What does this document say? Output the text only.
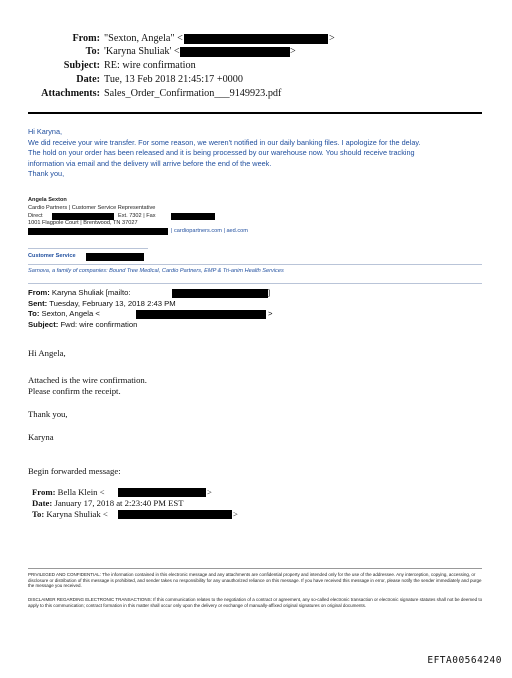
From: "Sexton, Angela" <
To: 'Karyna Shuliak' <
Subject: RE: wire confirmation
Date: Tue, 13 Feb 2018 21:45:17 +0000
Attachments: Sales_Order_Confirmation___9149923.pdf
>
>
Hi Karyna,
We did receive your wire transfer. For some reason, we weren't notified in our daily banking files. I apologize for the delay.
The hold on your order has been released and it is being processed by our warehouse now. You should receive tracking
information via email and the delivery will arrive before the end of the week.
Thank you,
Angela Sexton
Cardio Partners | Customer Service Representative
Direct	Ext. 7302 | Fax
1001 Flagpole Court | Brentwood, TN 37027
| cardiopartners.com | aed.com
Customer Service
Sarnova, a family of companies: Bound Tree Medical, Cardio Partners, EMP & Tri-anim Health Services
From: Karyna Shuliak [mailto:	]
Sent: Tuesday, February 13, 2018 2:43 PM
To: Sexton, Angela <	>
Subject: Fwd: wire confirmation
Hi Angela,
Attached is the wire confirmation.
Please confirm the receipt.
Thank you,
Karyna
Begin forwarded message:
From: Bella Klein <	>
Date: January 17, 2018 at 2:23:40 PM EST
To: Karyna Shuliak <	>
PRIVILEGED AND CONFIDENTIAL: The information contained in this electronic message and any attachments are confidential property and intended only for the use of the addressee. Any interception, copying, accessing, or disclosure or distribution of this message is prohibited, and sender takes no responsibility for any unauthorized reliance on this message. If you have received this message in error, please notify the sender immediately and purge the message you received.
DISCLAIMER REGARDING ELECTRONIC TRANSACTIONS: If this communication relates to the negotiation of a contract or agreement, any so-called electronic transaction or electronic signature statutes shall not be deemed to apply to this communication; contract formation in this matter shall occur only upon the delivery or exchange of manually-affixed original signatures on original documents.
EFTA00564240
